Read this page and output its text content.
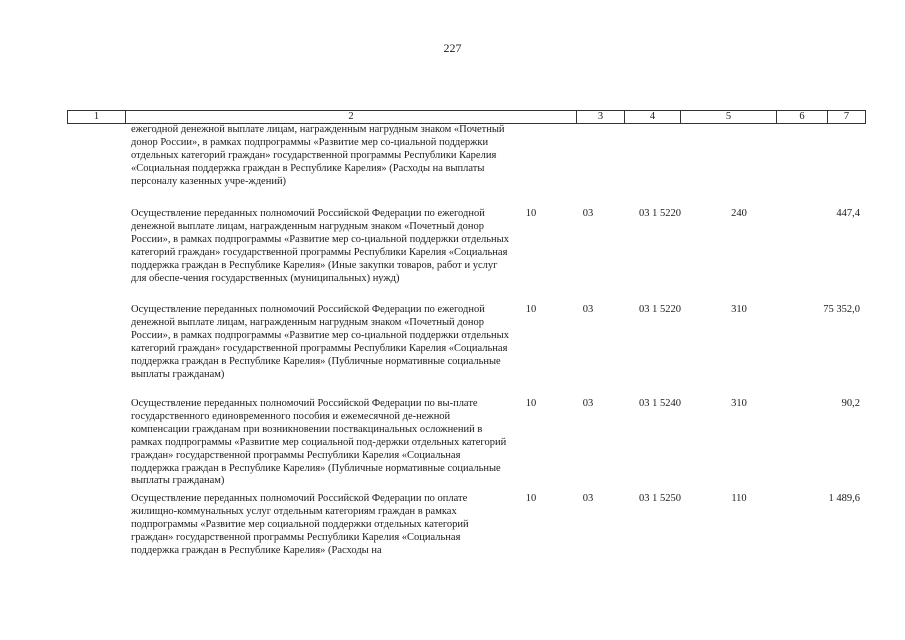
227
1	2	3	4	5	6	7
ежегодной денежной выплате лицам, награжденным нагрудным знаком «Почетный донор России», в рамках подпрограммы «Развитие мер со-циальной поддержки отдельных категорий граждан» государственной программы Республики Карелия «Социальная поддержка граждан в Республике Карелия» (Расходы на выплаты персоналу казенных учре-ждений)
Осуществление переданных полномочий Российской Федерации по ежегодной денежной выплате лицам, награжденным нагрудным знаком «Почетный донор России», в рамках подпрограммы «Развитие мер со-циальной поддержки отдельных категорий граждан» государственной программы Республики Карелия «Социальная поддержка граждан в Республике Карелия» (Иные закупки товаров, работ и услуг для обеспе-чения государственных (муниципальных) нужд)
10	03	03 1 5220	240	447,4
Осуществление переданных полномочий Российской Федерации по ежегодной денежной выплате лицам, награжденным нагрудным знаком «Почетный донор России», в рамках подпрограммы «Развитие мер со-циальной поддержки отдельных категорий граждан» государственной программы Республики Карелия «Социальная поддержка граждан в Республике Карелия» (Публичные нормативные социальные выплаты гражданам)
10	03	03 1 5220	310	75 352,0
Осуществление переданных полномочий Российской Федерации по вы-плате государственного единовременного пособия и ежемесячной де-нежной компенсации гражданам при возникновении поствакцинальных осложнений в рамках подпрограммы «Развитие мер социальной под-держки отдельных категорий граждан» государственной программы Республики Карелия «Социальная поддержка граждан в Республике Карелия» (Публичные нормативные социальные выплаты гражданам)
10	03	03 1 5240	310	90,2
Осуществление переданных полномочий Российской Федерации по оплате жилищно-коммунальных услуг отдельным категориям граждан в рамках подпрограммы «Развитие мер социальной поддержки отдельных категорий граждан» государственной программы Республики Карелия «Социальная поддержка граждан в Республике Карелия» (Расходы на
10	03	03 1 5250	110	1 489,6
